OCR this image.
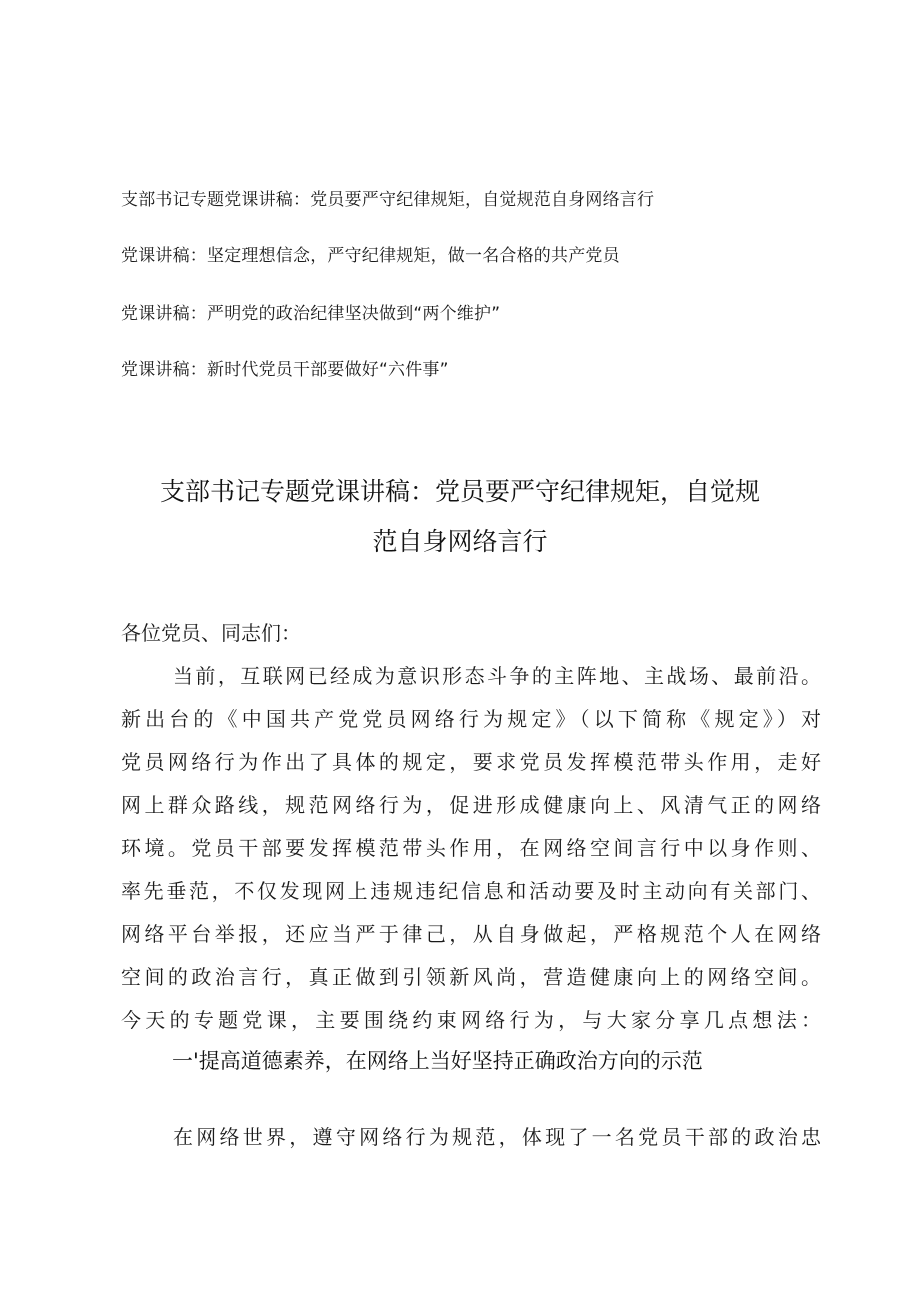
支部书记专题党课讲稿：党员要严守纪律规矩，自觉规范自身网络言行
党课讲稿：坚定理想信念，严守纪律规矩，做一名合格的共产党员
党课讲稿：严明党的政治纪律坚决做到“两个维护”
党课讲稿：新时代党员干部要做好“六件事”
支部书记专题党课讲稿：党员要严守纪律规矩，自觉规
范自身网络言行
各位党员、同志们：
当前，互联网已经成为意识形态斗争的主阵地、主战场、最前沿。
新出台的《中国共产党党员网络行为规定》（以下简称《规定》）对
党员网络行为作出了具体的规定，要求党员发挥模范带头作用，走好
网上群众路线，规范网络行为，促进形成健康向上、风清气正的网络
环境。党员干部要发挥模范带头作用，在网络空间言行中以身作则、
率先垂范，不仅发现网上违规违纪信息和活动要及时主动向有关部门、
网络平台举报，还应当严于律己，从自身做起，严格规范个人在网络
空间的政治言行，真正做到引领新风尚，营造健康向上的网络空间。
今天的专题党课，主要围绕约束网络行为，与大家分享几点想法：
一'提高道德素养，在网络上当好坚持正确政治方向的示范
在网络世界，遵守网络行为规范，体现了一名党员干部的政治忠
